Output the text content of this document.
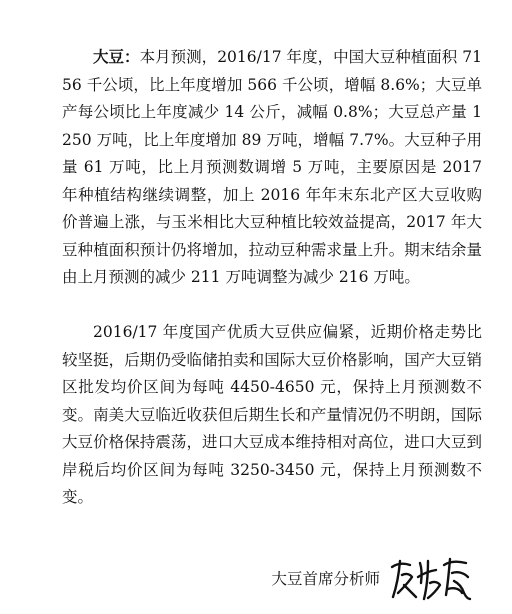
大豆：本月预测，2016/17 年度，中国大豆种植面积 7156 千公顷，比上年度增加 566 千公顷，增幅 8.6%；大豆单产每公顷比上年度减少 14 公斤，减幅 0.8%；大豆总产量 1250 万吨，比上年度增加 89 万吨，增幅 7.7%。大豆种子用量 61 万吨，比上月预测数调增 5 万吨，主要原因是 2017 年种植结构继续调整，加上 2016 年年末东北产区大豆收购价普遍上涨，与玉米相比大豆种植比较效益提高，2017 年大豆种植面积预计仍将增加，拉动豆种需求量上升。期末结余量由上月预测的减少 211 万吨调整为减少 216 万吨。

2016/17 年度国产优质大豆供应偏紧，近期价格走势比较坚挺，后期仍受临储拍卖和国际大豆价格影响，国产大豆销区批发均价区间为每吨 4450-4650 元，保持上月预测数不变。南美大豆临近收获但后期生长和产量情况仍不明朗，国际大豆价格保持震荡，进口大豆成本维持相对高位，进口大豆到岸税后均价区间为每吨 3250-3450 元，保持上月预测数不变。

大豆首席分析师
